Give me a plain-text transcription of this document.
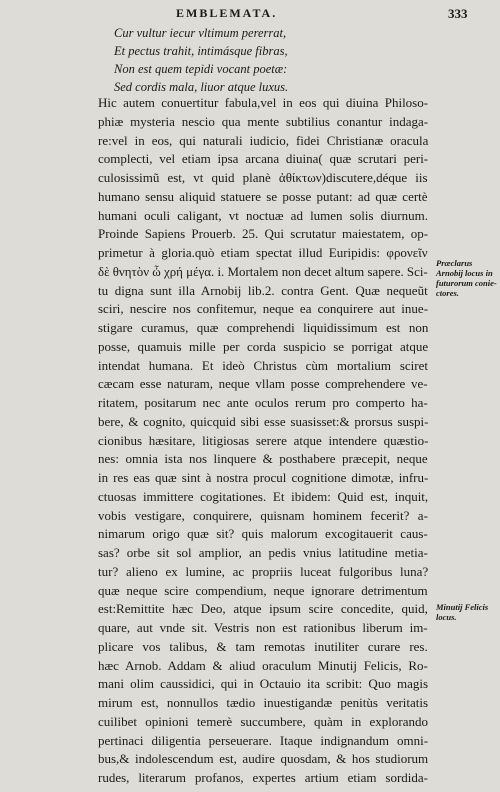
EMBLEMATA.	333
Cur vultur iecur vltimum pererrat,
Et pectus trahit, intimásque fibras,
Non est quem tepidi vocant poetæ:
Sed cordis mala, liuor atque luxus.
Hic autem conuertitur fabula,vel in eos qui diuina Philoso-
phiæ mysteria nescio qua mente subtilius conantur indaga-
re:vel in eos, qui naturali iudicio, fidei Christianæ oracula
complecti, vel etiam ipsa arcana diuina( quæ scrutari peri-
culosissimũ est, vt quid planè ἀθίκτων)discutere,déque iis
humano sensu aliquid statuere se posse putant: ad quæ certè
humani oculi caligant, vt noctuæ ad lumen solis diurnum.
Proinde Sapiens Prouerb. 25. Qui scrutatur maiestatem, op-
primetur à gloria.quò etiam spectat illud Euripidis: φρονεῖν
δὲ θνητὸν ὦ χρή μέγα. i. Mortalem non decet altum sapere. Sci-
tu digna sunt illa Arnobij lib.2. contra Gent. Quæ nequeũt
sciri, nescire nos confitemur, neque ea conquirere aut inue-
stigare curamus, quæ comprehendi liquidissimum est non
posse, quamuis mille per corda suspicio se porrigat atque
intendat humana. Et ideò Christus cùm mortalium sciret
cæcam esse naturam, neque vllam posse comprehendere ve-
ritatem, positarum nec ante oculos rerum pro comperto ha-
bere, & cognito, quicquid sibi esse suasisset:& prorsus suspi-
cionibus hæsitare, litigiosas serere atque intendere quæstio-
nes: omnia ista nos linquere & posthabere præcepit, neque
in res eas quæ sint à nostra procul cognitione dimotæ, infru-
ctuosas immittere cogitationes. Et ibidem: Quid est, inquit,
vobis vestigare, conquirere, quisnam hominem fecerit? a-
nimarum origo quæ sit? quis malorum excogitauerit caus-
sas? orbe sit sol amplior, an pedis vnius latitudine metia-
tur? alieno ex lumine, ac propriis luceat fulgoribus luna?
quæ neque scire compendium, neque ignorare detrimentum
est:Remittite hæc Deo, atque ipsum scire concedite, quid,
quare, aut vnde sit. Vestris non est rationibus liberum im-
plicare vos talibus, & tam remotas inutiliter curare res.
hæc Arnob. Addam & aliud oraculum Minutij Felicis, Ro-
mani olim caussidici, qui in Octauio ita scribit: Quo magis
mirum est, nonnullos tædio inuestigandæ penitùs veritatis
cuilibet opinioni temerè succumbere, quàm in explorando
pertinaci diligentia perseuerare. Itaque indignandum omni-
bus,& indolescendum est, audire quosdam, & hos studiorum
rudes, literarum profanos, expertes artium etiam sordida-
Præclarus Arnobij locus in futurorum conie-ctores.
Minutij Felicis locus.
